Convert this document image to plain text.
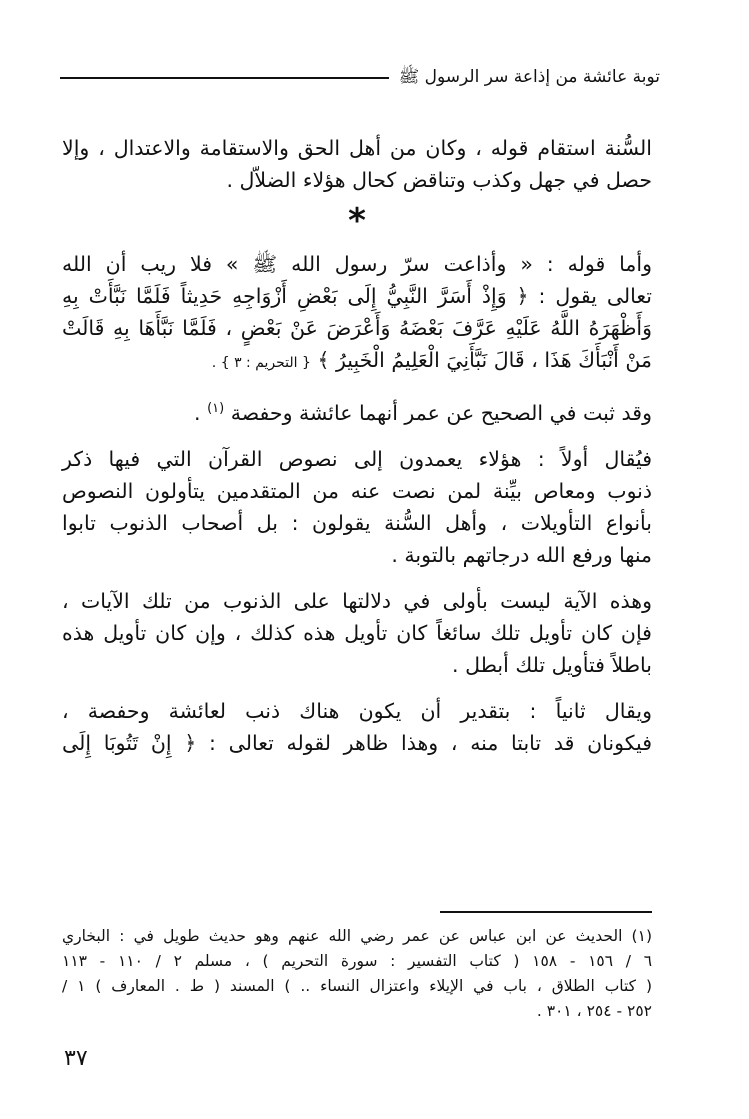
توبة عائشة من إذاعة سر الرسول ﷺ

السُّنة استقام قوله ، وكان من أهل الحق والاستقامة والاعتدال ، وإلا
حصل في جهل وكذب وتناقض كحال هؤلاء الضلاّل .

*

وأما قوله : « وأذاعت سرّ رسول الله ﷺ » فلا ريب أن الله
تعالى يقول : ﴿ وَإِذْ أَسَرَّ النَّبِيُّ إِلَى بَعْضِ أَزْوَاجِهِ حَدِيثاً فَلَمَّا نَبَّأَتْ بِهِ
وَأَظْهَرَهُ اللَّهُ عَلَيْهِ عَرَّفَ بَعْضَهُ وَأَعْرَضَ عَنْ بَعْضٍ ، فَلَمَّا نَبَّأَهَا بِهِ قَالَتْ
مَنْ أَنْبَأَكَ هَذَا ، قَالَ نَبَّأَنِيَ الْعَلِيمُ الْخَبِيرُ ﴾ { التحريم : ٣ } .

وقد ثبت في الصحيح عن عمر أنهما عائشة وحفصة $^{(١)}$ .

فيُقال أولاً : هؤلاء يعمدون إلى نصوص القرآن التي فيها ذكر
ذنوب ومعاص بيِّنة لمن نصت عنه من المتقدمين يتأولون النصوص
بأنواع التأويلات ، وأهل السُّنة يقولون : بل أصحاب الذنوب تابوا
منها ورفع الله درجاتهم بالتوبة .

وهذه الآية ليست بأولى في دلالتها على الذنوب من تلك الآيات ،
فإن كان تأويل تلك سائغاً كان تأويل هذه كذلك ، وإن كان تأويل هذه
باطلاً فتأويل تلك أبطل .

ويقال ثانياً : بتقدير أن يكون هناك ذنب لعائشة وحفصة ،
فيكونان قد تابتا منه ، وهذا ظاهر لقوله تعالى : ﴿ إِنْ تَتُوبَا إِلَى

(١) الحديث عن ابن عباس عن عمر رضي الله عنهم وهو حديث طويل في : البخاري
٦ / ١٥٦ - ١٥٨ ( كتاب التفسير : سورة التحريم ) ، مسلم ٢ / ١١٠ - ١١٣
( كتاب الطلاق ، باب في الإيلاء واعتزال النساء .. ) المسند ( ط . المعارف ) ١ /
٢٥٢ - ٢٥٤ ، ٣٠١ .
٣٧
